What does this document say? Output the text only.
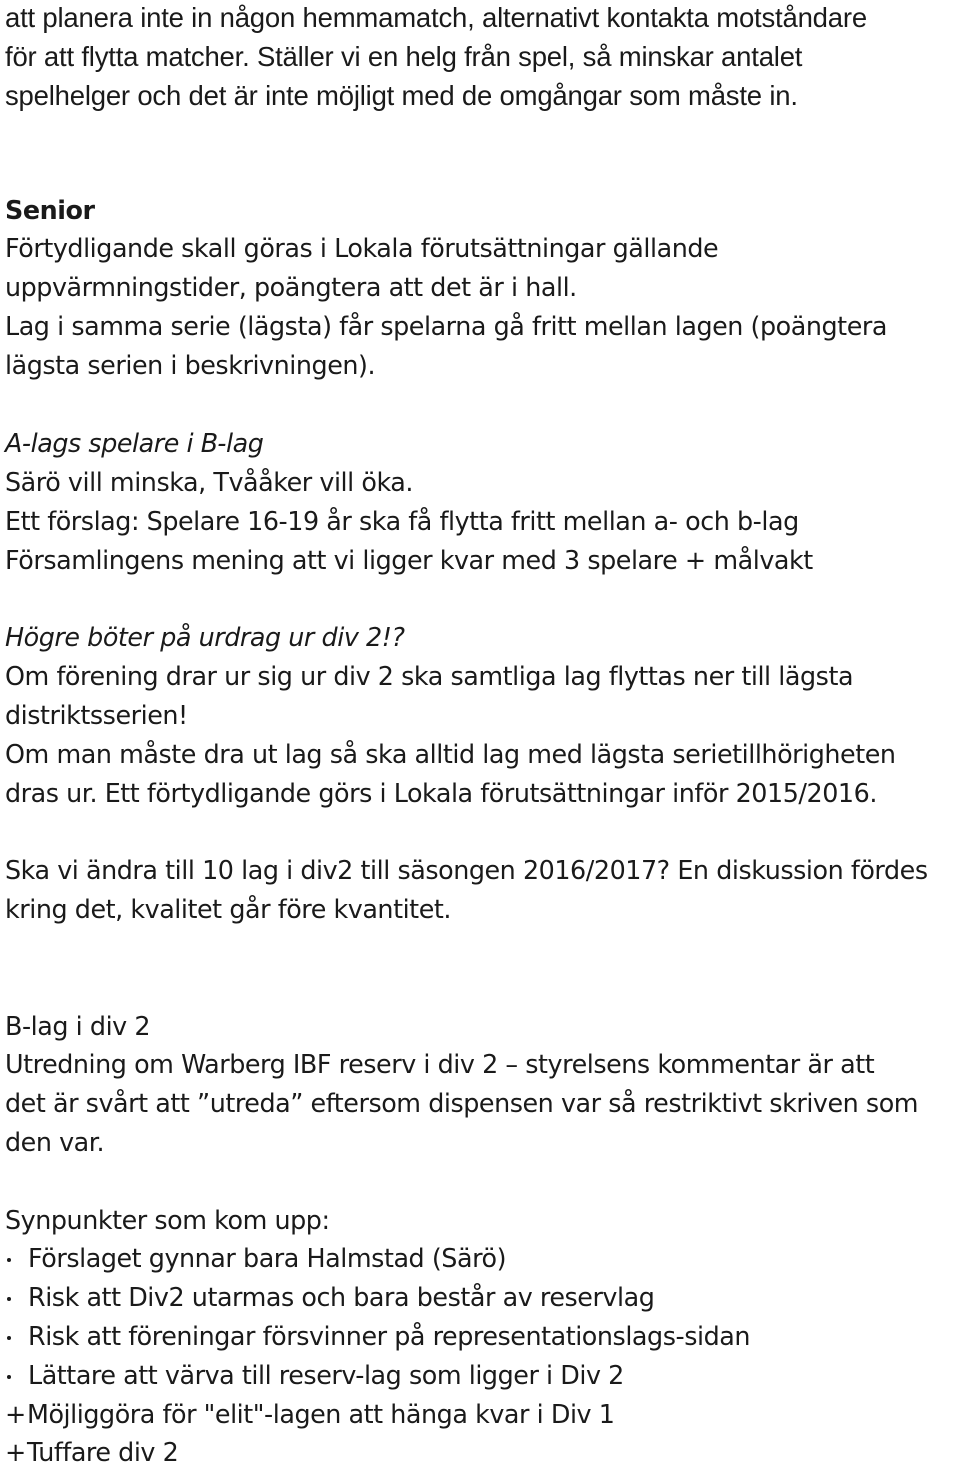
att planera inte in någon hemmamatch, alternativt kontakta motståndare
för att flytta matcher. Ställer vi en helg från spel, så minskar antalet
spelhelger och det är inte möjligt med de omgångar som måste in.
Senior
Förtydligande skall göras i Lokala förutsättningar gällande
uppvärmningstider, poängtera att det är i hall.
Lag i samma serie (lägsta) får spelarna gå fritt mellan lagen (poängtera
lägsta serien i beskrivningen).
A-lags spelare i B-lag
Särö vill minska, Tvååker vill öka.
Ett förslag: Spelare 16-19 år ska få flytta fritt mellan a- och b-lag
Församlingens mening att vi ligger kvar med 3 spelare + målvakt
Högre böter på urdrag ur div 2!?
Om förening drar ur sig ur div 2 ska samtliga lag flyttas ner till lägsta
distriktsserien!
Om man måste dra ut lag så ska alltid lag med lägsta serietillhörigheten
dras ur. Ett förtydligande görs i Lokala förutsättningar inför 2015/2016.
Ska vi ändra till 10 lag i div2 till säsongen 2016/2017? En diskussion fördes
kring det, kvalitet går före kvantitet.
B-lag i div 2
Utredning om Warberg IBF reserv i div 2 – styrelsens kommentar är att
det är svårt att ”utreda” eftersom dispensen var så restriktivt skriven som
den var.
Synpunkter som kom upp:
Förslaget gynnar bara Halmstad (Särö)
Risk att Div2 utarmas och bara består av reservlag
Risk att föreningar försvinner på representationslags-sidan
Lättare att värva till reserv-lag som ligger i Div 2
+Möjliggöra för "elit"-lagen att hänga kvar i Div 1
+Tuffare div 2
